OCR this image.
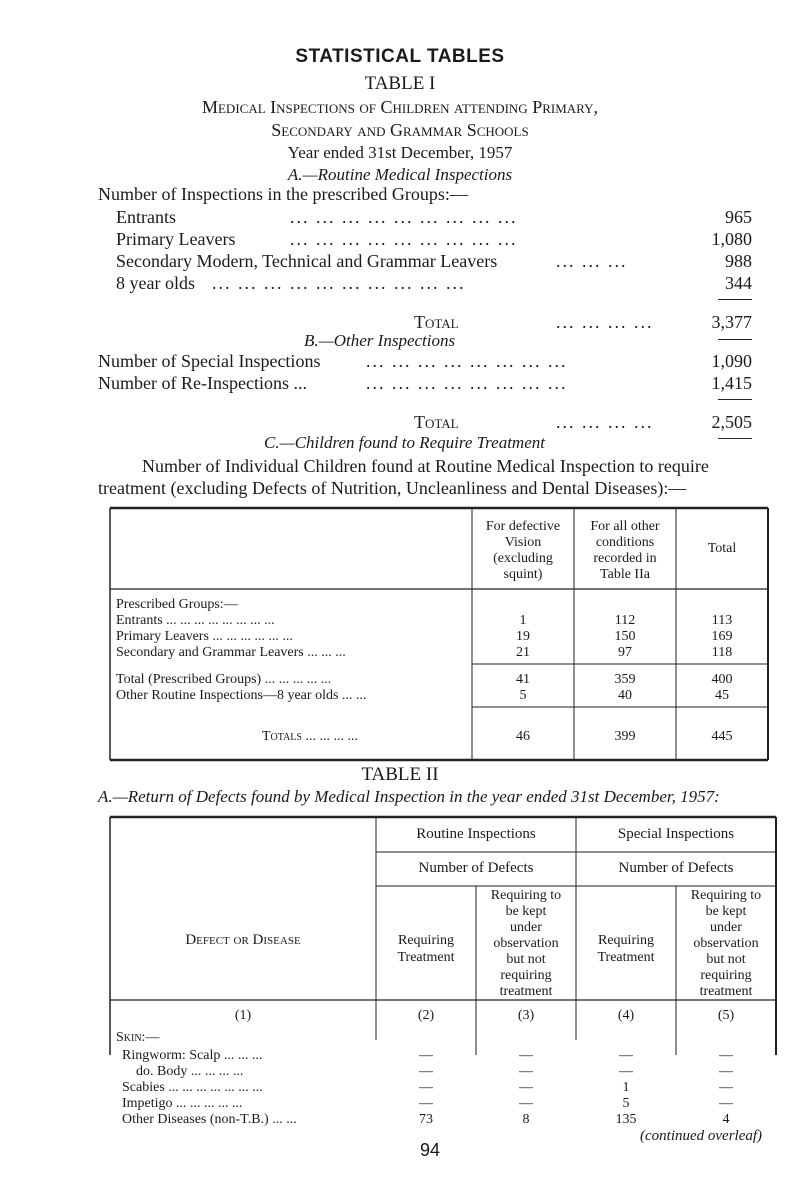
STATISTICAL TABLES
TABLE I
Medical Inspections of Children attending Primary,
Secondary and Grammar Schools
Year ended 31st December, 1957
A.—Routine Medical Inspections
Number of Inspections in the prescribed Groups:—
Entrants	... ... ... ... ... ... ... ... ...	965
Primary Leavers	... ... ... ... ... ... ... ... ...	1,080
Secondary Modern, Technical and Grammar Leavers	... ... ...	988
8 year olds ... ... ... ... ... ... ... ... ... ...	344
Total	... ... ... ...	3,377
B.—Other Inspections
Number of Special Inspections	... ... ... ... ... ... ... ...	1,090
Number of Re-Inspections ...	... ... ... ... ... ... ... ...	1,415
Total	... ... ... ...	2,505
C.—Children found to Require Treatment
Number of Individual Children found at Routine Medical Inspection to require
treatment (excluding Defects of Nutrition, Uncleanliness and Dental Diseases):—
For defective
Vision
(excluding
squint)
For all other
conditions
recorded in
Table IIa
Total
Prescribed Groups:—
Entrants ... ... ... ... ... ... ... ...	1	112	113
Primary Leavers ... ... ... ... ... ...	19	150	169
Secondary and Grammar Leavers ... ... ...	21	97	118
Total (Prescribed Groups) ... ... ... ... ...	41	359	400
Other Routine Inspections—8 year olds ... ...	5	40	45
Totals ... ... ... ...	46	399	445
TABLE II
A.—Return of Defects found by Medical Inspection in the year ended 31st December, 1957:
Routine Inspections	Special Inspections
Number of Defects	Number of Defects
Defect or Disease	Requiring
Treatment
Requiring to
be kept
under
observation
but not
requiring
treatment
Requiring
Treatment
Requiring to
be kept
under
observation
but not
requiring
treatment
(1)	(2)	(3)	(4)	(5)
Skin:—
Ringworm: Scalp ... ... ...	—	—	—	—
do. Body ... ... ... ...	—	—	—	—
Scabies ... ... ... ... ... ... ...	—	—	1	—
Impetigo ... ... ... ... ...	—	—	5	—
Other Diseases (non-T.B.) ... ...	73	8	135	4
(continued overleaf)
94
